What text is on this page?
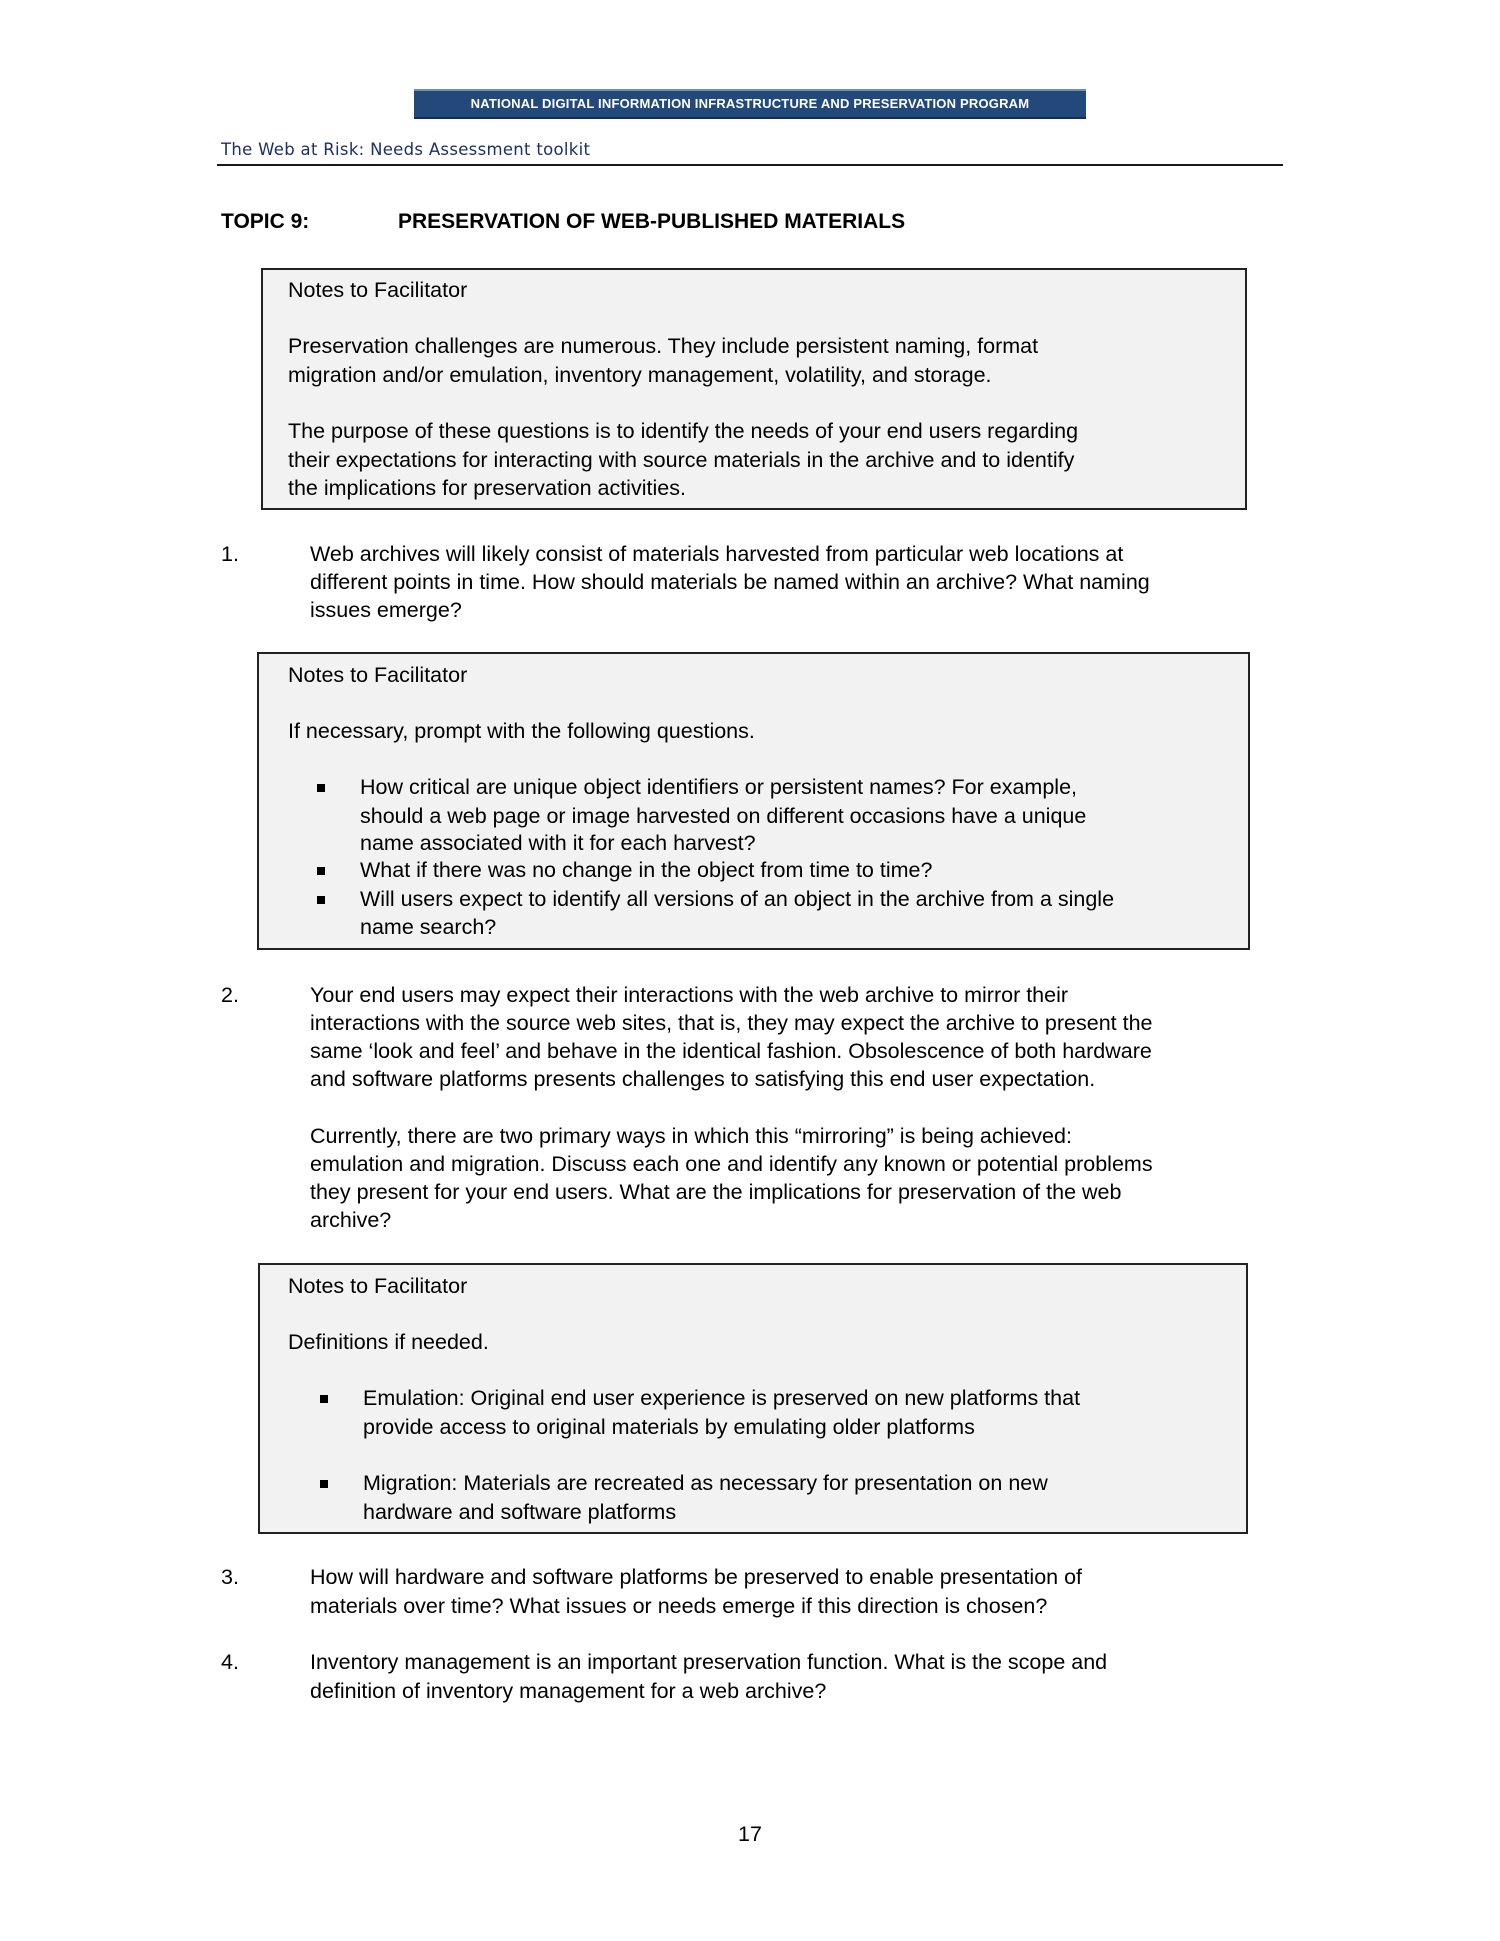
NATIONAL DIGITAL INFORMATION INFRASTRUCTURE AND PRESERVATION PROGRAM
The Web at Risk: Needs Assessment toolkit
TOPIC 9:	PRESERVATION OF WEB-PUBLISHED MATERIALS
Notes to Facilitator
Preservation challenges are numerous. They include persistent naming, format
migration and/or emulation, inventory management, volatility, and storage.
The purpose of these questions is to identify the needs of your end users regarding
their expectations for interacting with source materials in the archive and to identify
the implications for preservation activities.
1.	Web archives will likely consist of materials harvested from particular web locations at
different points in time. How should materials be named within an archive? What naming
issues emerge?
Notes to Facilitator
If necessary, prompt with the following questions.
How critical are unique object identifiers or persistent names? For example,
should a web page or image harvested on different occasions have a unique
name associated with it for each harvest?
What if there was no change in the object from time to time?
Will users expect to identify all versions of an object in the archive from a single
name search?
2.	Your end users may expect their interactions with the web archive to mirror their
interactions with the source web sites, that is, they may expect the archive to present the
same ‘look and feel’ and behave in the identical fashion. Obsolescence of both hardware
and software platforms presents challenges to satisfying this end user expectation.
Currently, there are two primary ways in which this “mirroring” is being achieved:
emulation and migration. Discuss each one and identify any known or potential problems
they present for your end users. What are the implications for preservation of the web
archive?
Notes to Facilitator
Definitions if needed.
Emulation: Original end user experience is preserved on new platforms that
provide access to original materials by emulating older platforms
Migration: Materials are recreated as necessary for presentation on new
hardware and software platforms
3.	How will hardware and software platforms be preserved to enable presentation of
materials over time? What issues or needs emerge if this direction is chosen?
4.	Inventory management is an important preservation function. What is the scope and
definition of inventory management for a web archive?
17
